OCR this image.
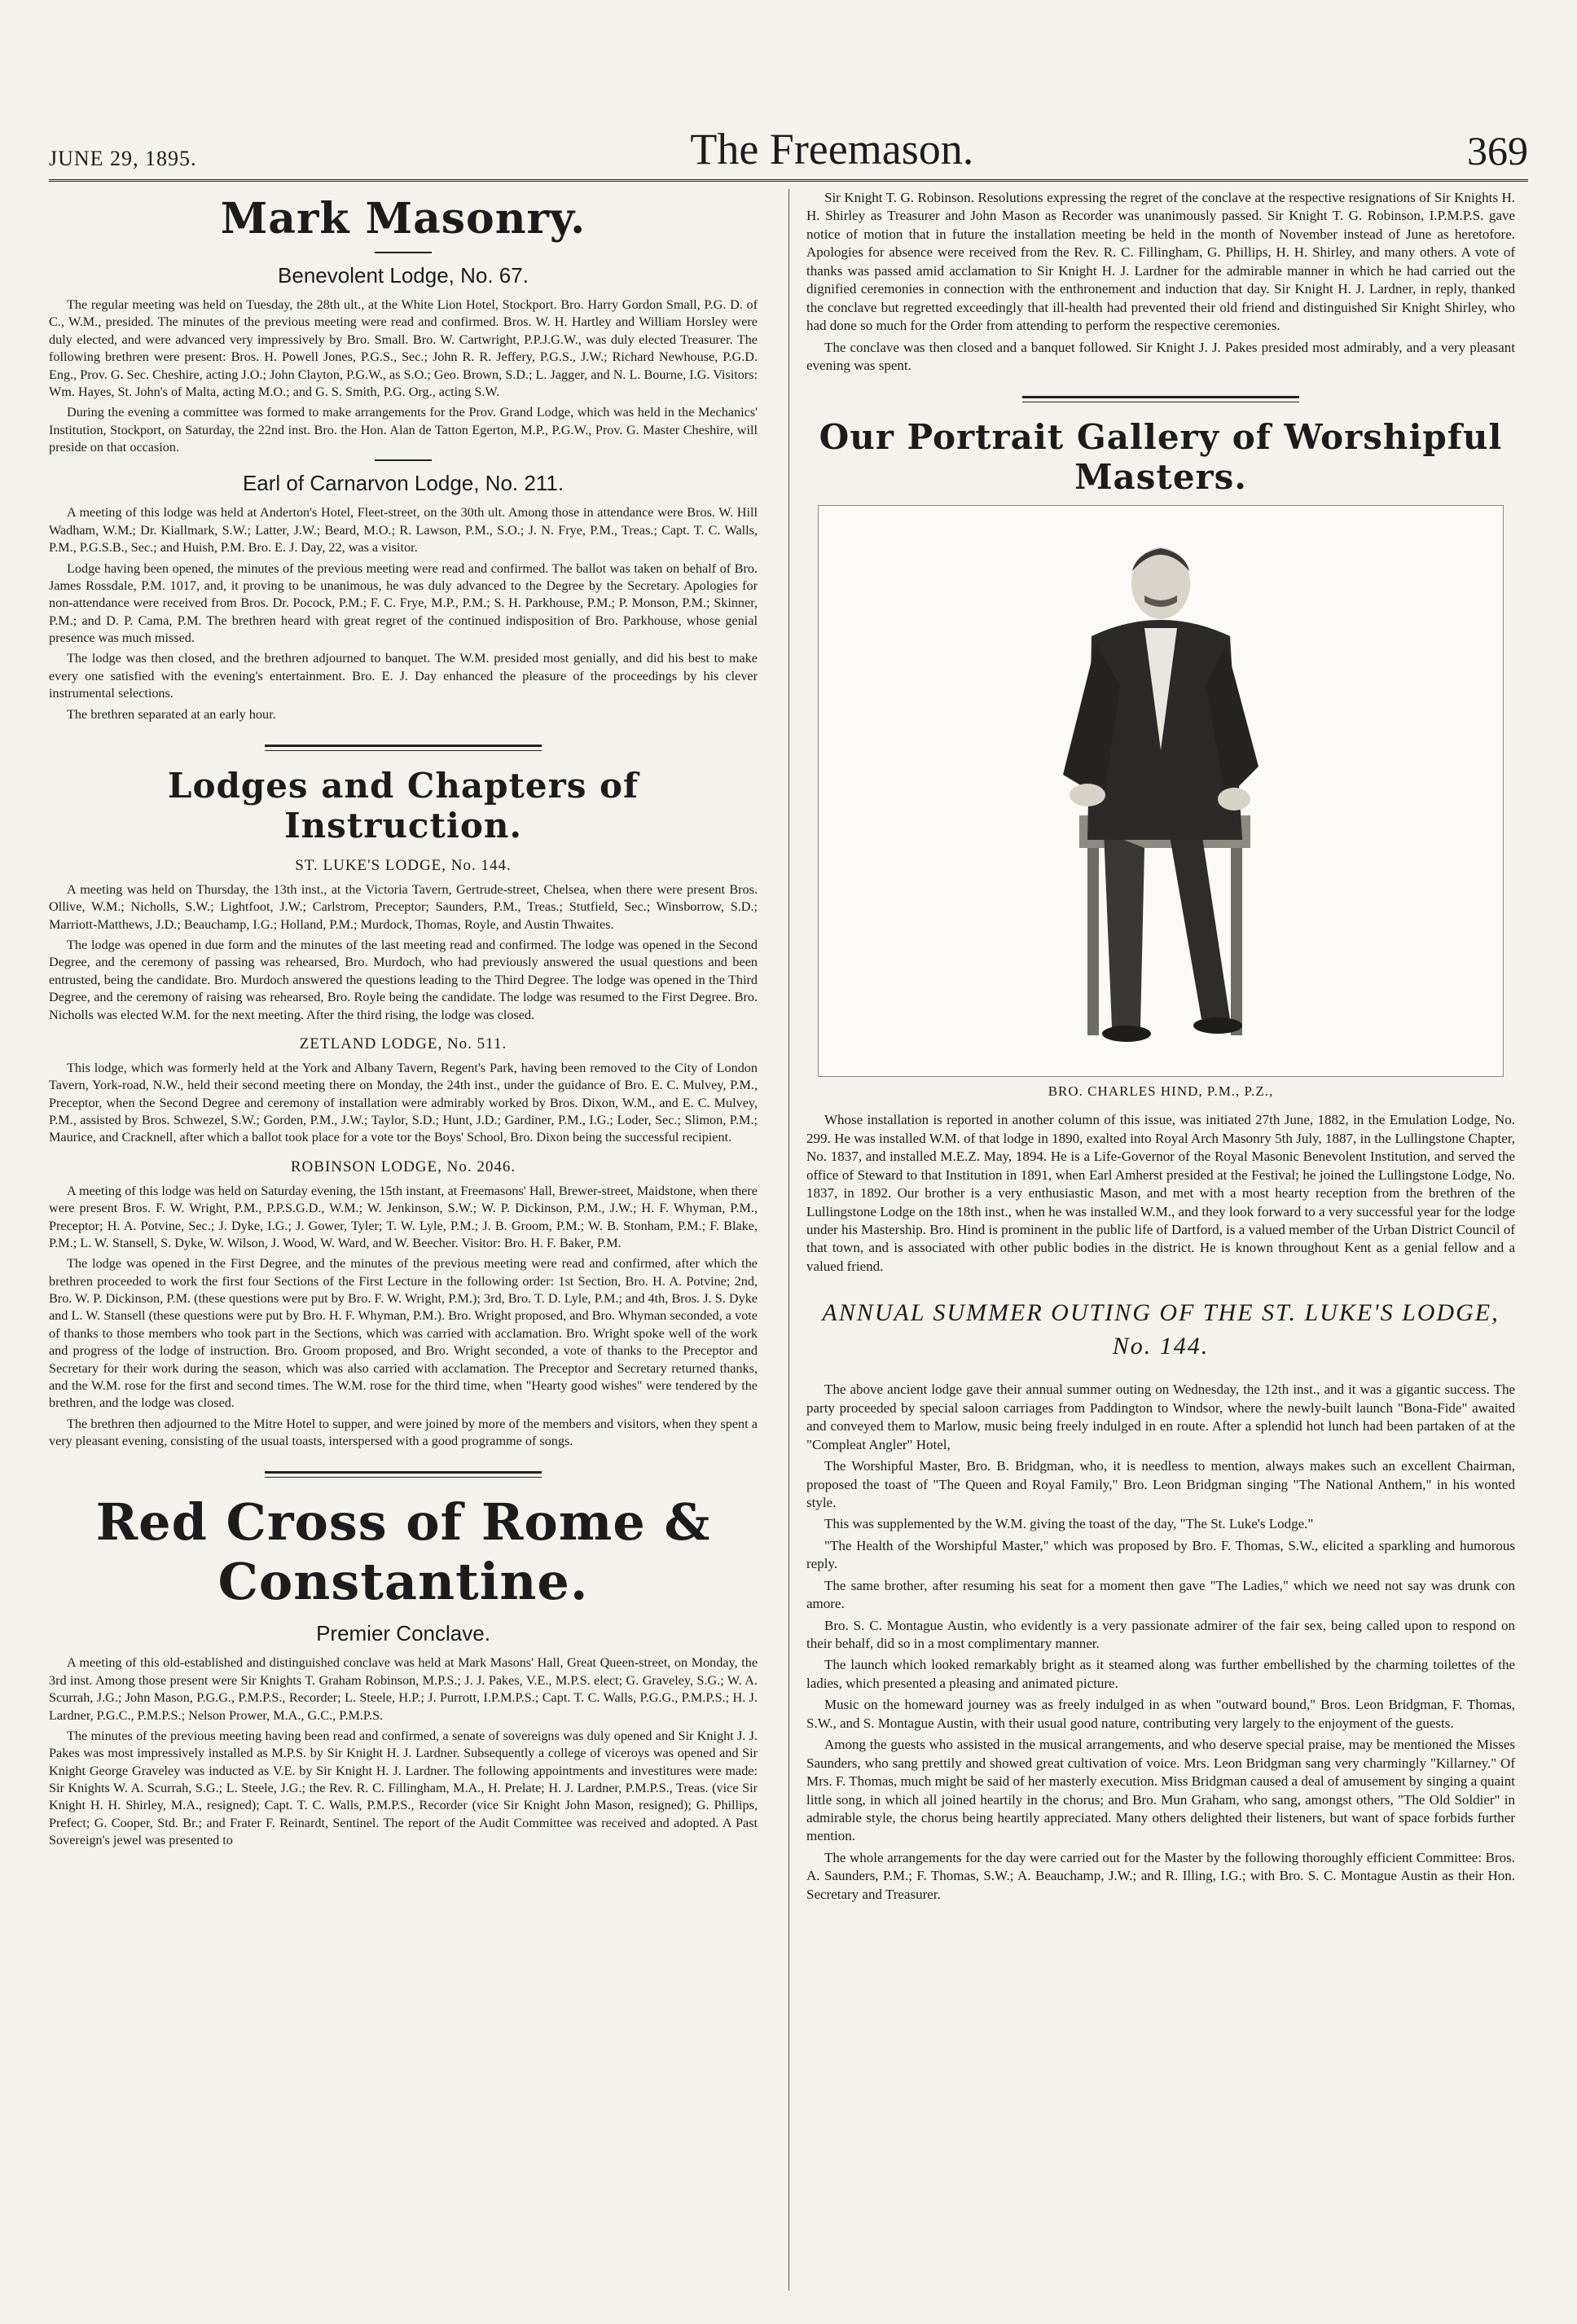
JUNE 29, 1895.	The Freemason.	369
Mark Masonry.
Benevolent Lodge, No. 67.

The regular meeting was held on Tuesday, the 28th ult., at the White Lion Hotel, Stockport. Bro. Harry Gordon Small, P.G. D. of C., W.M., presided. The minutes of the previous meeting were read and confirmed. Bros. W. H. Hartley and William Horsley were duly elected, and were advanced very impressively by Bro. Small. Bro. W. Cartwright, P.P.J.G.W., was duly elected Treasurer. The following brethren were present: Bros. H. Powell Jones, P.G.S., Sec.; John R. R. Jeffery, P.G.S., J.W.; Richard Newhouse, P.G.D. Eng., Prov. G. Sec. Cheshire, acting J.O.; John Clayton, P.G.W., as S.O.; Geo. Brown, S.D.; L. Jagger, and N. L. Bourne, I.G. Visitors: Wm. Hayes, St. John's of Malta, acting M.O.; and G. S. Smith, P.G. Org., acting S.W.

During the evening a committee was formed to make arrangements for the Prov. Grand Lodge, which was held in the Mechanics' Institution, Stockport, on Saturday, the 22nd inst. Bro. the Hon. Alan de Tatton Egerton, M.P., P.G.W., Prov. G. Master Cheshire, will preside on that occasion.

Earl of Carnarvon Lodge, No. 211.

A meeting of this lodge was held at Anderton's Hotel, Fleet-street, on the 30th ult. Among those in attendance were Bros. W. Hill Wadham, W.M.; Dr. Kiallmark, S.W.; Latter, J.W.; Beard, M.O.; R. Lawson, P.M., S.O.; J. N. Frye, P.M., Treas.; Capt. T. C. Walls, P.M., P.G.S.B., Sec.; and Huish, P.M. Bro. E. J. Day, 22, was a visitor.

Lodge having been opened, the minutes of the previous meeting were read and confirmed. The ballot was taken on behalf of Bro. James Rossdale, P.M. 1017, and, it proving to be unanimous, he was duly advanced to the Degree by the Secretary. Apologies for non-attendance were received from Bros. Dr. Pocock, P.M.; F. C. Frye, M.P., P.M.; S. H. Parkhouse, P.M.; P. Monson, P.M.; Skinner, P.M.; and D. P. Cama, P.M. The brethren heard with great regret of the continued indisposition of Bro. Parkhouse, whose genial presence was much missed.

The lodge was then closed, and the brethren adjourned to banquet. The W.M. presided most genially, and did his best to make every one satisfied with the evening's entertainment. Bro. E. J. Day enhanced the pleasure of the proceedings by his clever instrumental selections.

The brethren separated at an early hour.

Lodges and Chapters of Instruction.
ST. LUKE'S LODGE, No. 144.

A meeting was held on Thursday, the 13th inst., at the Victoria Tavern, Gertrude-street, Chelsea, when there were present Bros. Ollive, W.M.; Nicholls, S.W.; Lightfoot, J.W.; Carlstrom, Preceptor; Saunders, P.M., Treas.; Stutfield, Sec.; Winsborrow, S.D.; Marriott-Matthews, J.D.; Beauchamp, I.G.; Holland, P.M.; Murdock, Thomas, Royle, and Austin Thwaites.

The lodge was opened in due form and the minutes of the last meeting read and confirmed. The lodge was opened in the Second Degree, and the ceremony of passing was rehearsed, Bro. Murdoch, who had previously answered the usual questions and been entrusted, being the candidate. Bro. Murdoch answered the questions leading to the Third Degree. The lodge was opened in the Third Degree, and the ceremony of raising was rehearsed, Bro. Royle being the candidate. The lodge was resumed to the First Degree. Bro. Nicholls was elected W.M. for the next meeting. After the third rising, the lodge was closed.

ZETLAND LODGE, No. 511.

This lodge, which was formerly held at the York and Albany Tavern, Regent's Park, having been removed to the City of London Tavern, York-road, N.W., held their second meeting there on Monday, the 24th inst., under the guidance of Bro. E. C. Mulvey, P.M., Preceptor, when the Second Degree and ceremony of installation were admirably worked by Bros. Dixon, W.M., and E. C. Mulvey, P.M., assisted by Bros. Schwezel, S.W.; Gorden, P.M., J.W.; Taylor, S.D.; Hunt, J.D.; Gardiner, P.M., I.G.; Loder, Sec.; Slimon, P.M.; Maurice, and Cracknell, after which a ballot took place for a vote tor the Boys' School, Bro. Dixon being the successful recipient.

ROBINSON LODGE, No. 2046.

A meeting of this lodge was held on Saturday evening, the 15th instant, at Freemasons' Hall, Brewer-street, Maidstone, when there were present Bros. F. W. Wright, P.M., P.P.S.G.D., W.M.; W. Jenkinson, S.W.; W. P. Dickinson, P.M., J.W.; H. F. Whyman, P.M., Preceptor; H. A. Potvine, Sec.; J. Dyke, I.G.; J. Gower, Tyler; T. W. Lyle, P.M.; J. B. Groom, P.M.; W. B. Stonham, P.M.; F. Blake, P.M.; L. W. Stansell, S. Dyke, W. Wilson, J. Wood, W. Ward, and W. Beecher. Visitor: Bro. H. F. Baker, P.M.

The lodge was opened in the First Degree, and the minutes of the previous meeting were read and confirmed, after which the brethren proceeded to work the first four Sections of the First Lecture in the following order: 1st Section, Bro. H. A. Potvine; 2nd, Bro. W. P. Dickinson, P.M. (these questions were put by Bro. F. W. Wright, P.M.); 3rd, Bro. T. D. Lyle, P.M.; and 4th, Bros. J. S. Dyke and L. W. Stansell (these questions were put by Bro. H. F. Whyman, P.M.). Bro. Wright proposed, and Bro. Whyman seconded, a vote of thanks to those members who took part in the Sections, which was carried with acclamation. Bro. Wright spoke well of the work and progress of the lodge of instruction. Bro. Groom proposed, and Bro. Wright seconded, a vote of thanks to the Preceptor and Secretary for their work during the season, which was also carried with acclamation. The Preceptor and Secretary returned thanks, and the W.M. rose for the first and second times. The W.M. rose for the third time, when "Hearty good wishes" were tendered by the brethren, and the lodge was closed.

The brethren then adjourned to the Mitre Hotel to supper, and were joined by more of the members and visitors, when they spent a very pleasant evening, consisting of the usual toasts, interspersed with a good programme of songs.

Red Cross of Rome & Constantine.
Premier Conclave.

A meeting of this old-established and distinguished conclave was held at Mark Masons' Hall, Great Queen-street, on Monday, the 3rd inst. Among those present were Sir Knights T. Graham Robinson, M.P.S.; J. J. Pakes, V.E., M.P.S. elect; G. Graveley, S.G.; W. A. Scurrah, J.G.; John Mason, P.G.G., P.M.P.S., Recorder; L. Steele, H.P.; J. Purrott, I.P.M.P.S.; Capt. T. C. Walls, P.G.G., P.M.P.S.; H. J. Lardner, P.G.C., P.M.P.S.; Nelson Prower, M.A., G.C., P.M.P.S.

The minutes of the previous meeting having been read and confirmed, a senate of sovereigns was duly opened and Sir Knight J. J. Pakes was most impressively installed as M.P.S. by Sir Knight H. J. Lardner. Subsequently a college of viceroys was opened and Sir Knight George Graveley was inducted as V.E. by Sir Knight H. J. Lardner. The following appointments and investitures were made: Sir Knights W. A. Scurrah, S.G.; L. Steele, J.G.; the Rev. R. C. Fillingham, M.A., H. Prelate; H. J. Lardner, P.M.P.S., Treas. (vice Sir Knight H. H. Shirley, M.A., resigned); Capt. T. C. Walls, P.M.P.S., Recorder (vice Sir Knight John Mason, resigned); G. Phillips, Prefect; G. Cooper, Std. Br.; and Frater F. Reinardt, Sentinel. The report of the Audit Committee was received and adopted. A Past Sovereign's jewel was presented to

Sir Knight T. G. Robinson. Resolutions expressing the regret of the conclave at the respective resignations of Sir Knights H. H. Shirley as Treasurer and John Mason as Recorder was unanimously passed. Sir Knight T. G. Robinson, I.P.M.P.S. gave notice of motion that in future the installation meeting be held in the month of November instead of June as heretofore. Apologies for absence were received from the Rev. R. C. Fillingham, G. Phillips, H. H. Shirley, and many others. A vote of thanks was passed amid acclamation to Sir Knight H. J. Lardner for the admirable manner in which he had carried out the dignified ceremonies in connection with the enthronement and induction that day. Sir Knight H. J. Lardner, in reply, thanked the conclave but regretted exceedingly that ill-health had prevented their old friend and distinguished Sir Knight Shirley, who had done so much for the Order from attending to perform the respective ceremonies.

The conclave was then closed and a banquet followed. Sir Knight J. J. Pakes presided most admirably, and a very pleasant evening was spent.

Our Portrait Gallery of Worshipful Masters.
BRO. CHARLES HIND, P.M., P.Z.,

Whose installation is reported in another column of this issue, was initiated 27th June, 1882, in the Emulation Lodge, No. 299. He was installed W.M. of that lodge in 1890, exalted into Royal Arch Masonry 5th July, 1887, in the Lullingstone Chapter, No. 1837, and installed M.E.Z. May, 1894. He is a Life-Governor of the Royal Masonic Benevolent Institution, and served the office of Steward to that Institution in 1891, when Earl Amherst presided at the Festival; he joined the Lullingstone Lodge, No. 1837, in 1892. Our brother is a very enthusiastic Mason, and met with a most hearty reception from the brethren of the Lullingstone Lodge on the 18th inst., when he was installed W.M., and they look forward to a very successful year for the lodge under his Mastership. Bro. Hind is prominent in the public life of Dartford, is a valued member of the Urban District Council of that town, and is associated with other public bodies in the district. He is known throughout Kent as a genial fellow and a valued friend.

ANNUAL SUMMER OUTING OF THE ST. LUKE'S LODGE, No. 144.

The above ancient lodge gave their annual summer outing on Wednesday, the 12th inst., and it was a gigantic success. The party proceeded by special saloon carriages from Paddington to Windsor, where the newly-built launch "Bona-Fide" awaited and conveyed them to Marlow, music being freely indulged in en route. After a splendid hot lunch had been partaken of at the "Compleat Angler" Hotel,

The Worshipful Master, Bro. B. Bridgman, who, it is needless to mention, always makes such an excellent Chairman, proposed the toast of "The Queen and Royal Family," Bro. Leon Bridgman singing "The National Anthem," in his wonted style.

This was supplemented by the W.M. giving the toast of the day, "The St. Luke's Lodge."

"The Health of the Worshipful Master," which was proposed by Bro. F. Thomas, S.W., elicited a sparkling and humorous reply.

The same brother, after resuming his seat for a moment then gave "The Ladies," which we need not say was drunk con amore.

Bro. S. C. Montague Austin, who evidently is a very passionate admirer of the fair sex, being called upon to respond on their behalf, did so in a most complimentary manner.

The launch which looked remarkably bright as it steamed along was further embellished by the charming toilettes of the ladies, which presented a pleasing and animated picture.

Music on the homeward journey was as freely indulged in as when "outward bound," Bros. Leon Bridgman, F. Thomas, S.W., and S. Montague Austin, with their usual good nature, contributing very largely to the enjoyment of the guests.

Among the guests who assisted in the musical arrangements, and who deserve special praise, may be mentioned the Misses Saunders, who sang prettily and showed great cultivation of voice. Mrs. Leon Bridgman sang very charmingly "Killarney." Of Mrs. F. Thomas, much might be said of her masterly execution. Miss Bridgman caused a deal of amusement by singing a quaint little song, in which all joined heartily in the chorus; and Bro. Mun Graham, who sang, amongst others, "The Old Soldier" in admirable style, the chorus being heartily appreciated. Many others delighted their listeners, but want of space forbids further mention.

The whole arrangements for the day were carried out for the Master by the following thoroughly efficient Committee: Bros. A. Saunders, P.M.; F. Thomas, S.W.; A. Beauchamp, J.W.; and R. Illing, I.G.; with Bro. S. C. Montague Austin as their Hon. Secretary and Treasurer.
